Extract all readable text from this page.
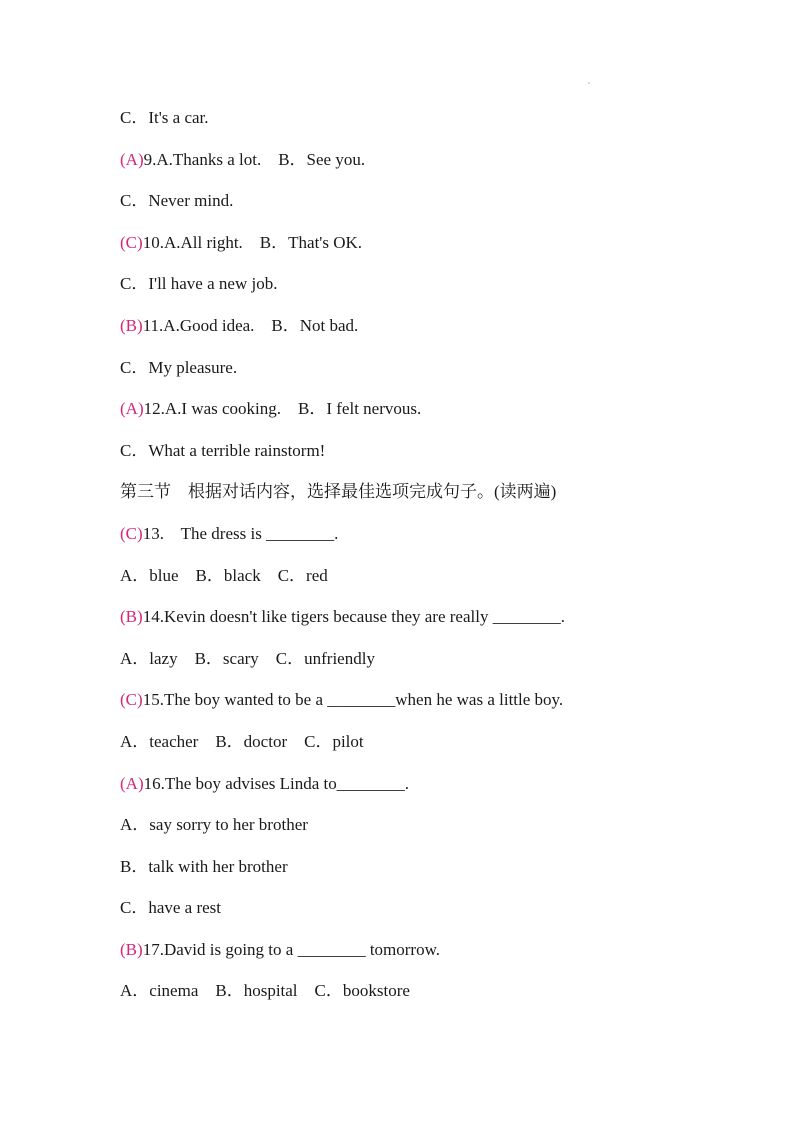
C．It's a car.
(A)9.A.Thanks a lot.    B．See you.
C．Never mind.
(C)10.A.All right.    B．That's OK.
C．I'll have a new job.
(B)11.A.Good idea.    B．Not bad.
C．My pleasure.
(A)12.A.I was cooking.    B．I felt nervous.
C．What a terrible rainstorm!
第三节    根据对话内容，选择最佳选项完成句子。(读两遍)
(C)13.    The dress is ________.
A．blue    B．black    C．red
(B)14.Kevin doesn't like tigers because they are really ________.
A．lazy    B．scary    C．unfriendly
(C)15.The boy wanted to be a ________when he was a little boy.
A．teacher    B．doctor    C．pilot
(A)16.The boy advises Linda to________.
A．say sorry to her brother
B．talk with her brother
C．have a rest
(B)17.David is going to a ________ tomorrow.
A．cinema    B．hospital    C．bookstore
